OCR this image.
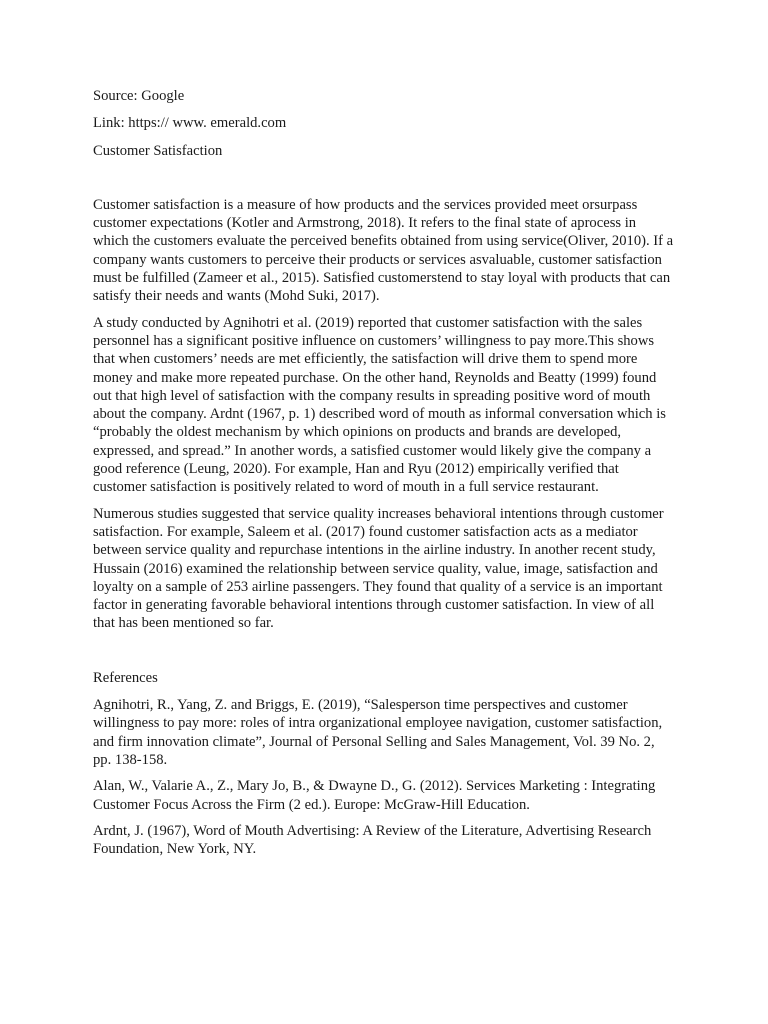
Source: Google

Link: https:// www. emerald.com

Customer Satisfaction

Customer satisfaction is a measure of how products and the services provided meet orsurpass customer expectations (Kotler and Armstrong, 2018). It refers to the final state of aprocess in which the customers evaluate the perceived benefits obtained from using service(Oliver, 2010). If a company wants customers to perceive their products or services asvaluable, customer satisfaction must be fulfilled (Zameer et al., 2015). Satisfied customerstend to stay loyal with products that can satisfy their needs and wants (Mohd Suki, 2017).

A study conducted by Agnihotri et al. (2019) reported that customer satisfaction with the sales personnel has a significant positive influence on customers’ willingness to pay more.This shows that when customers’ needs are met efficiently, the satisfaction will drive them to spend more money and make more repeated purchase. On the other hand, Reynolds and Beatty (1999) found out that high level of satisfaction with the company results in spreading positive word of mouth about the company. Ardnt (1967, p. 1) described word of mouth as informal conversation which is “probably the oldest mechanism by which opinions on products and brands are developed, expressed, and spread.” In another words, a satisfied customer would likely give the company a good reference (Leung, 2020). For example, Han and Ryu (2012) empirically verified that customer satisfaction is positively related to word of mouth in a full service restaurant.

Numerous studies suggested that service quality increases behavioral intentions through customer satisfaction. For example, Saleem et al. (2017) found customer satisfaction acts as a mediator between service quality and repurchase intentions in the airline industry. In another recent study, Hussain (2016) examined the relationship between service quality, value, image, satisfaction and loyalty on a sample of 253 airline passengers. They found that quality of a service is an important factor in generating favorable behavioral intentions through customer satisfaction. In view of all that has been mentioned so far.

References

Agnihotri, R., Yang, Z. and Briggs, E. (2019), “Salesperson time perspectives and customer willingness to pay more: roles of intra organizational employee navigation, customer satisfaction, and firm innovation climate”, Journal of Personal Selling and Sales Management, Vol. 39 No. 2, pp. 138-158.

Alan, W., Valarie A., Z., Mary Jo, B., & Dwayne D., G. (2012). Services Marketing : Integrating Customer Focus Across the Firm (2 ed.). Europe: McGraw-Hill Education.

Ardnt, J. (1967), Word of Mouth Advertising: A Review of the Literature, Advertising Research Foundation, New York, NY.
